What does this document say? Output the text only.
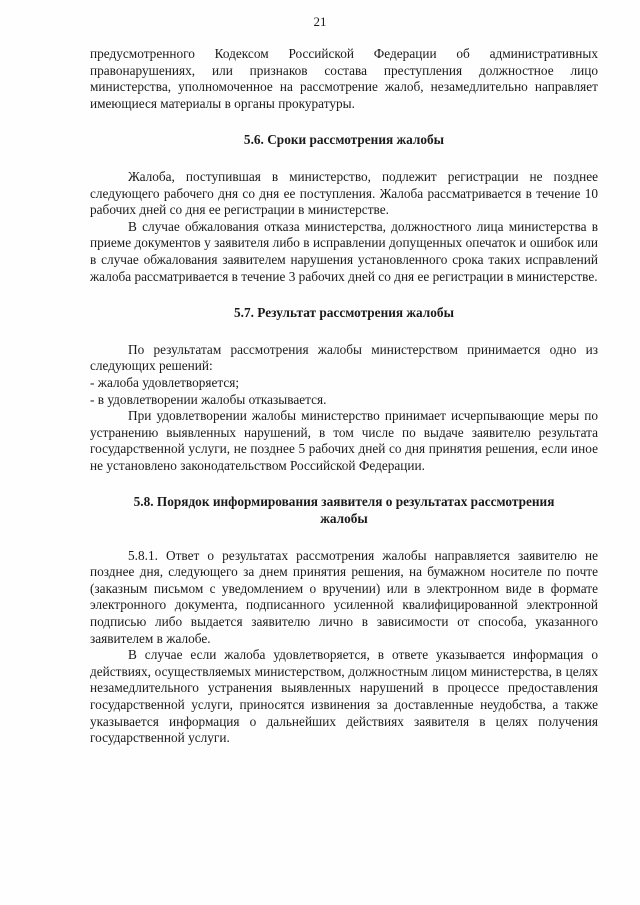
21

предусмотренного Кодексом Российской Федерации об административных правонарушениях, или признаков состава преступления должностное лицо министерства, уполномоченное на рассмотрение жалоб, незамедлительно направляет имеющиеся материалы в органы прокуратуры.

5.6. Сроки рассмотрения жалобы

Жалоба, поступившая в министерство, подлежит регистрации не позднее следующего рабочего дня со дня ее поступления. Жалоба рассматривается в течение 10 рабочих дней со дня ее регистрации в министерстве.

В случае обжалования отказа министерства, должностного лица министерства в приеме документов у заявителя либо в исправлении допущенных опечаток и ошибок или в случае обжалования заявителем нарушения установленного срока таких исправлений жалоба рассматривается в течение 3 рабочих дней со дня ее регистрации в министерстве.

5.7. Результат рассмотрения жалобы

По результатам рассмотрения жалобы министерством принимается одно из следующих решений:

- жалоба удовлетворяется;

- в удовлетворении жалобы отказывается.

При удовлетворении жалобы министерство принимает исчерпывающие меры по устранению выявленных нарушений, в том числе по выдаче заявителю результата государственной услуги, не позднее 5 рабочих дней со дня принятия решения, если иное не установлено законодательством Российской Федерации.

5.8. Порядок информирования заявителя о результатах рассмотрения
жалобы

5.8.1. Ответ о результатах рассмотрения жалобы направляется заявителю не позднее дня, следующего за днем принятия решения, на бумажном носителе по почте (заказным письмом с уведомлением о вручении) или в электронном виде в формате электронного документа, подписанного усиленной квалифицированной электронной подписью либо выдается заявителю лично в зависимости от способа, указанного заявителем в жалобе.

В случае если жалоба удовлетворяется, в ответе указывается информация о действиях, осуществляемых министерством, должностным лицом министерства, в целях незамедлительного устранения выявленных нарушений в процессе предоставления государственной услуги, приносятся извинения за доставленные неудобства, а также указывается информация о дальнейших действиях заявителя в целях получения государственной услуги.
